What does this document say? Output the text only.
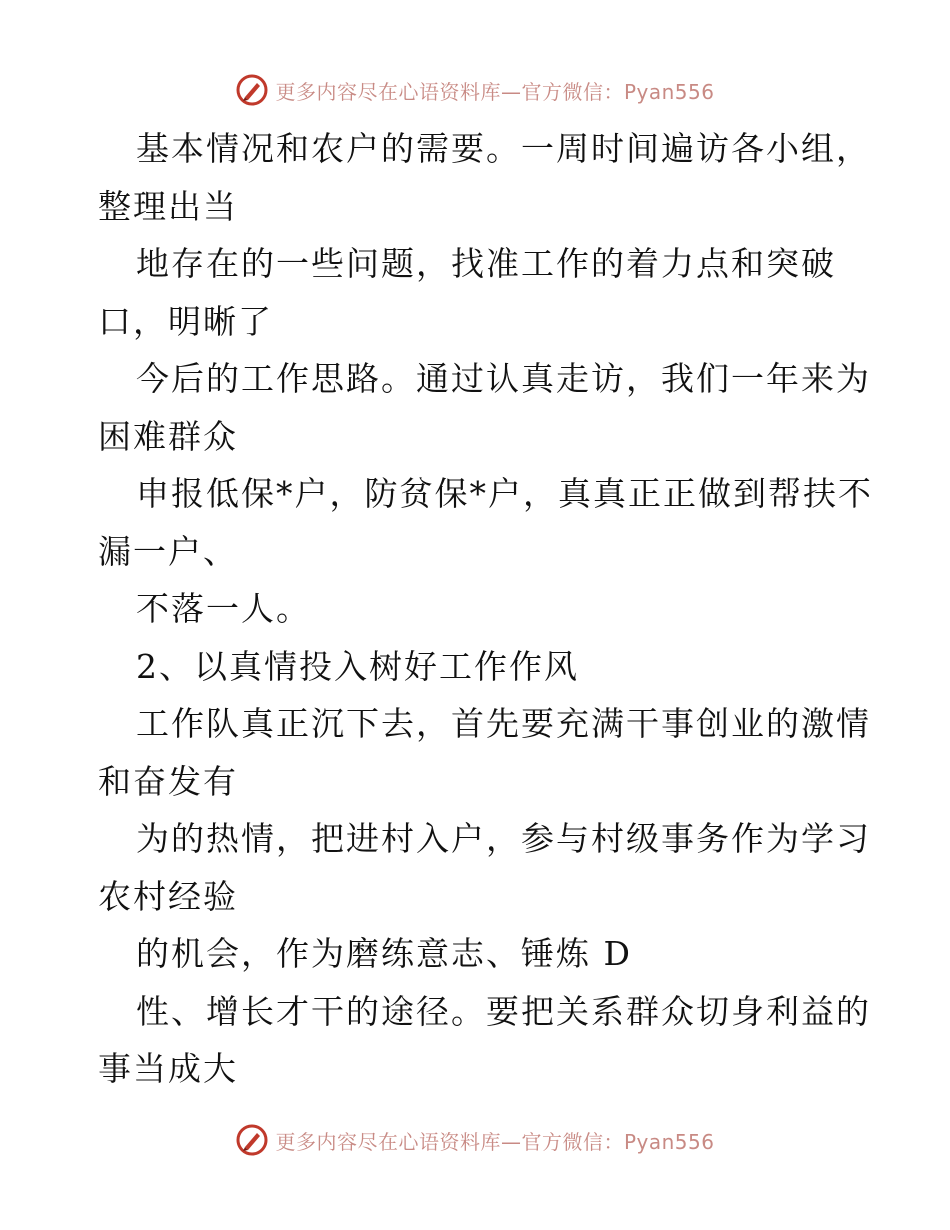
更多内容尽在心语资料库—官方微信：Pyan556
基本情况和农户的需要。一周时间遍访各小组，
整理出当
地存在的一些问题，找准工作的着力点和突破
口，明晰了
今后的工作思路。通过认真走访，我们一年来为
困难群众
申报低保*户，防贫保*户，真真正正做到帮扶不
漏一户、
不落一人。
2、以真情投入树好工作作风
工作队真正沉下去，首先要充满干事创业的激情
和奋发有
为的热情，把进村入户，参与村级事务作为学习
农村经验
的机会，作为磨练意志、锤炼 D
性、增长才干的途径。要把关系群众切身利益的
事当成大
更多内容尽在心语资料库—官方微信：Pyan556
